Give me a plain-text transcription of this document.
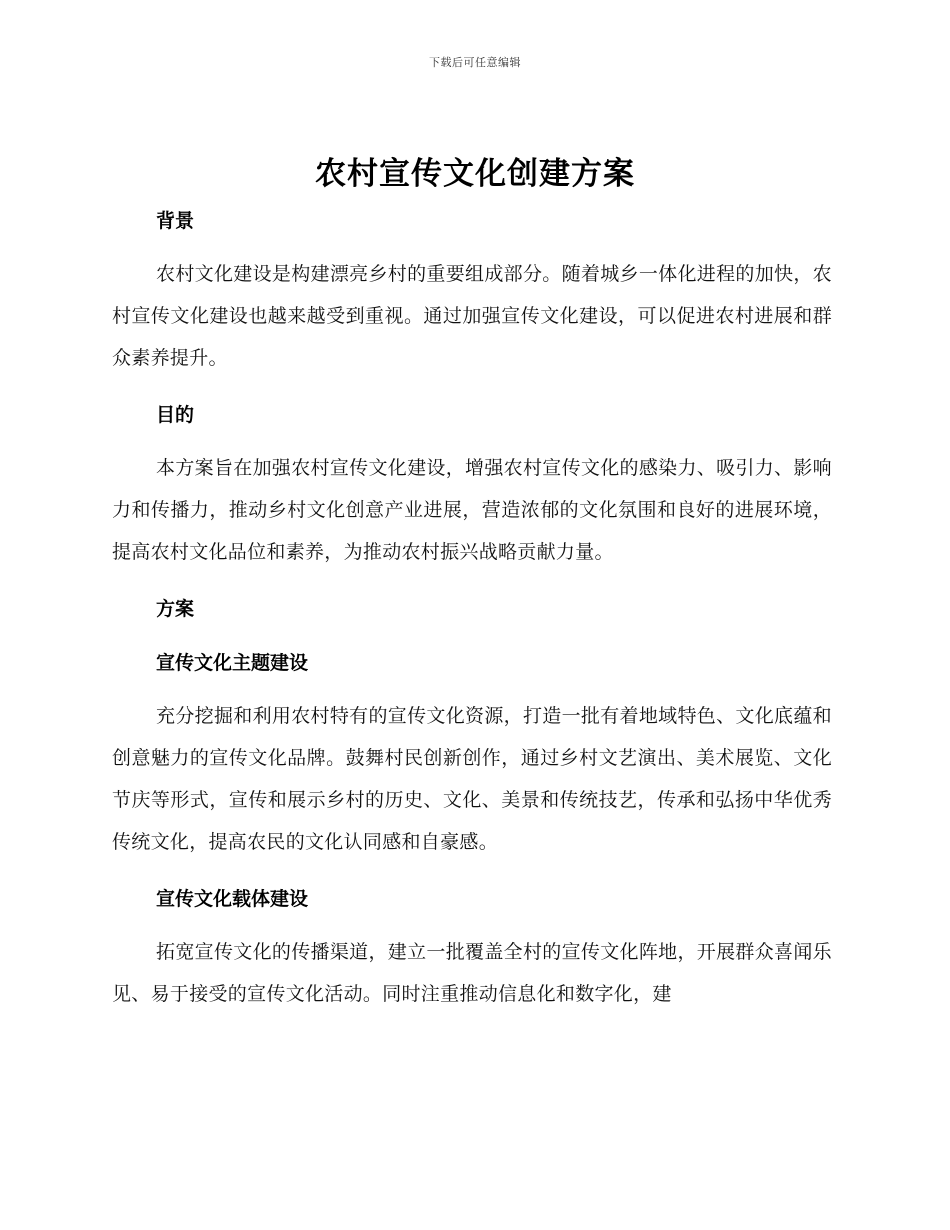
下载后可任意编辑
农村宣传文化创建方案
背景

农村文化建设是构建漂亮乡村的重要组成部分。随着城乡一体化进程的加快，农村宣传文化建设也越来越受到重视。通过加强宣传文化建设，可以促进农村进展和群众素养提升。

目的

本方案旨在加强农村宣传文化建设，增强农村宣传文化的感染力、吸引力、影响力和传播力，推动乡村文化创意产业进展，营造浓郁的文化氛围和良好的进展环境，提高农村文化品位和素养，为推动农村振兴战略贡献力量。

方案
宣传文化主题建设

充分挖掘和利用农村特有的宣传文化资源，打造一批有着地域特色、文化底蕴和创意魅力的宣传文化品牌。鼓舞村民创新创作，通过乡村文艺演出、美术展览、文化节庆等形式，宣传和展示乡村的历史、文化、美景和传统技艺，传承和弘扬中华优秀传统文化，提高农民的文化认同感和自豪感。

宣传文化载体建设

拓宽宣传文化的传播渠道，建立一批覆盖全村的宣传文化阵地，开展群众喜闻乐见、易于接受的宣传文化活动。同时注重推动信息化和数字化，建
